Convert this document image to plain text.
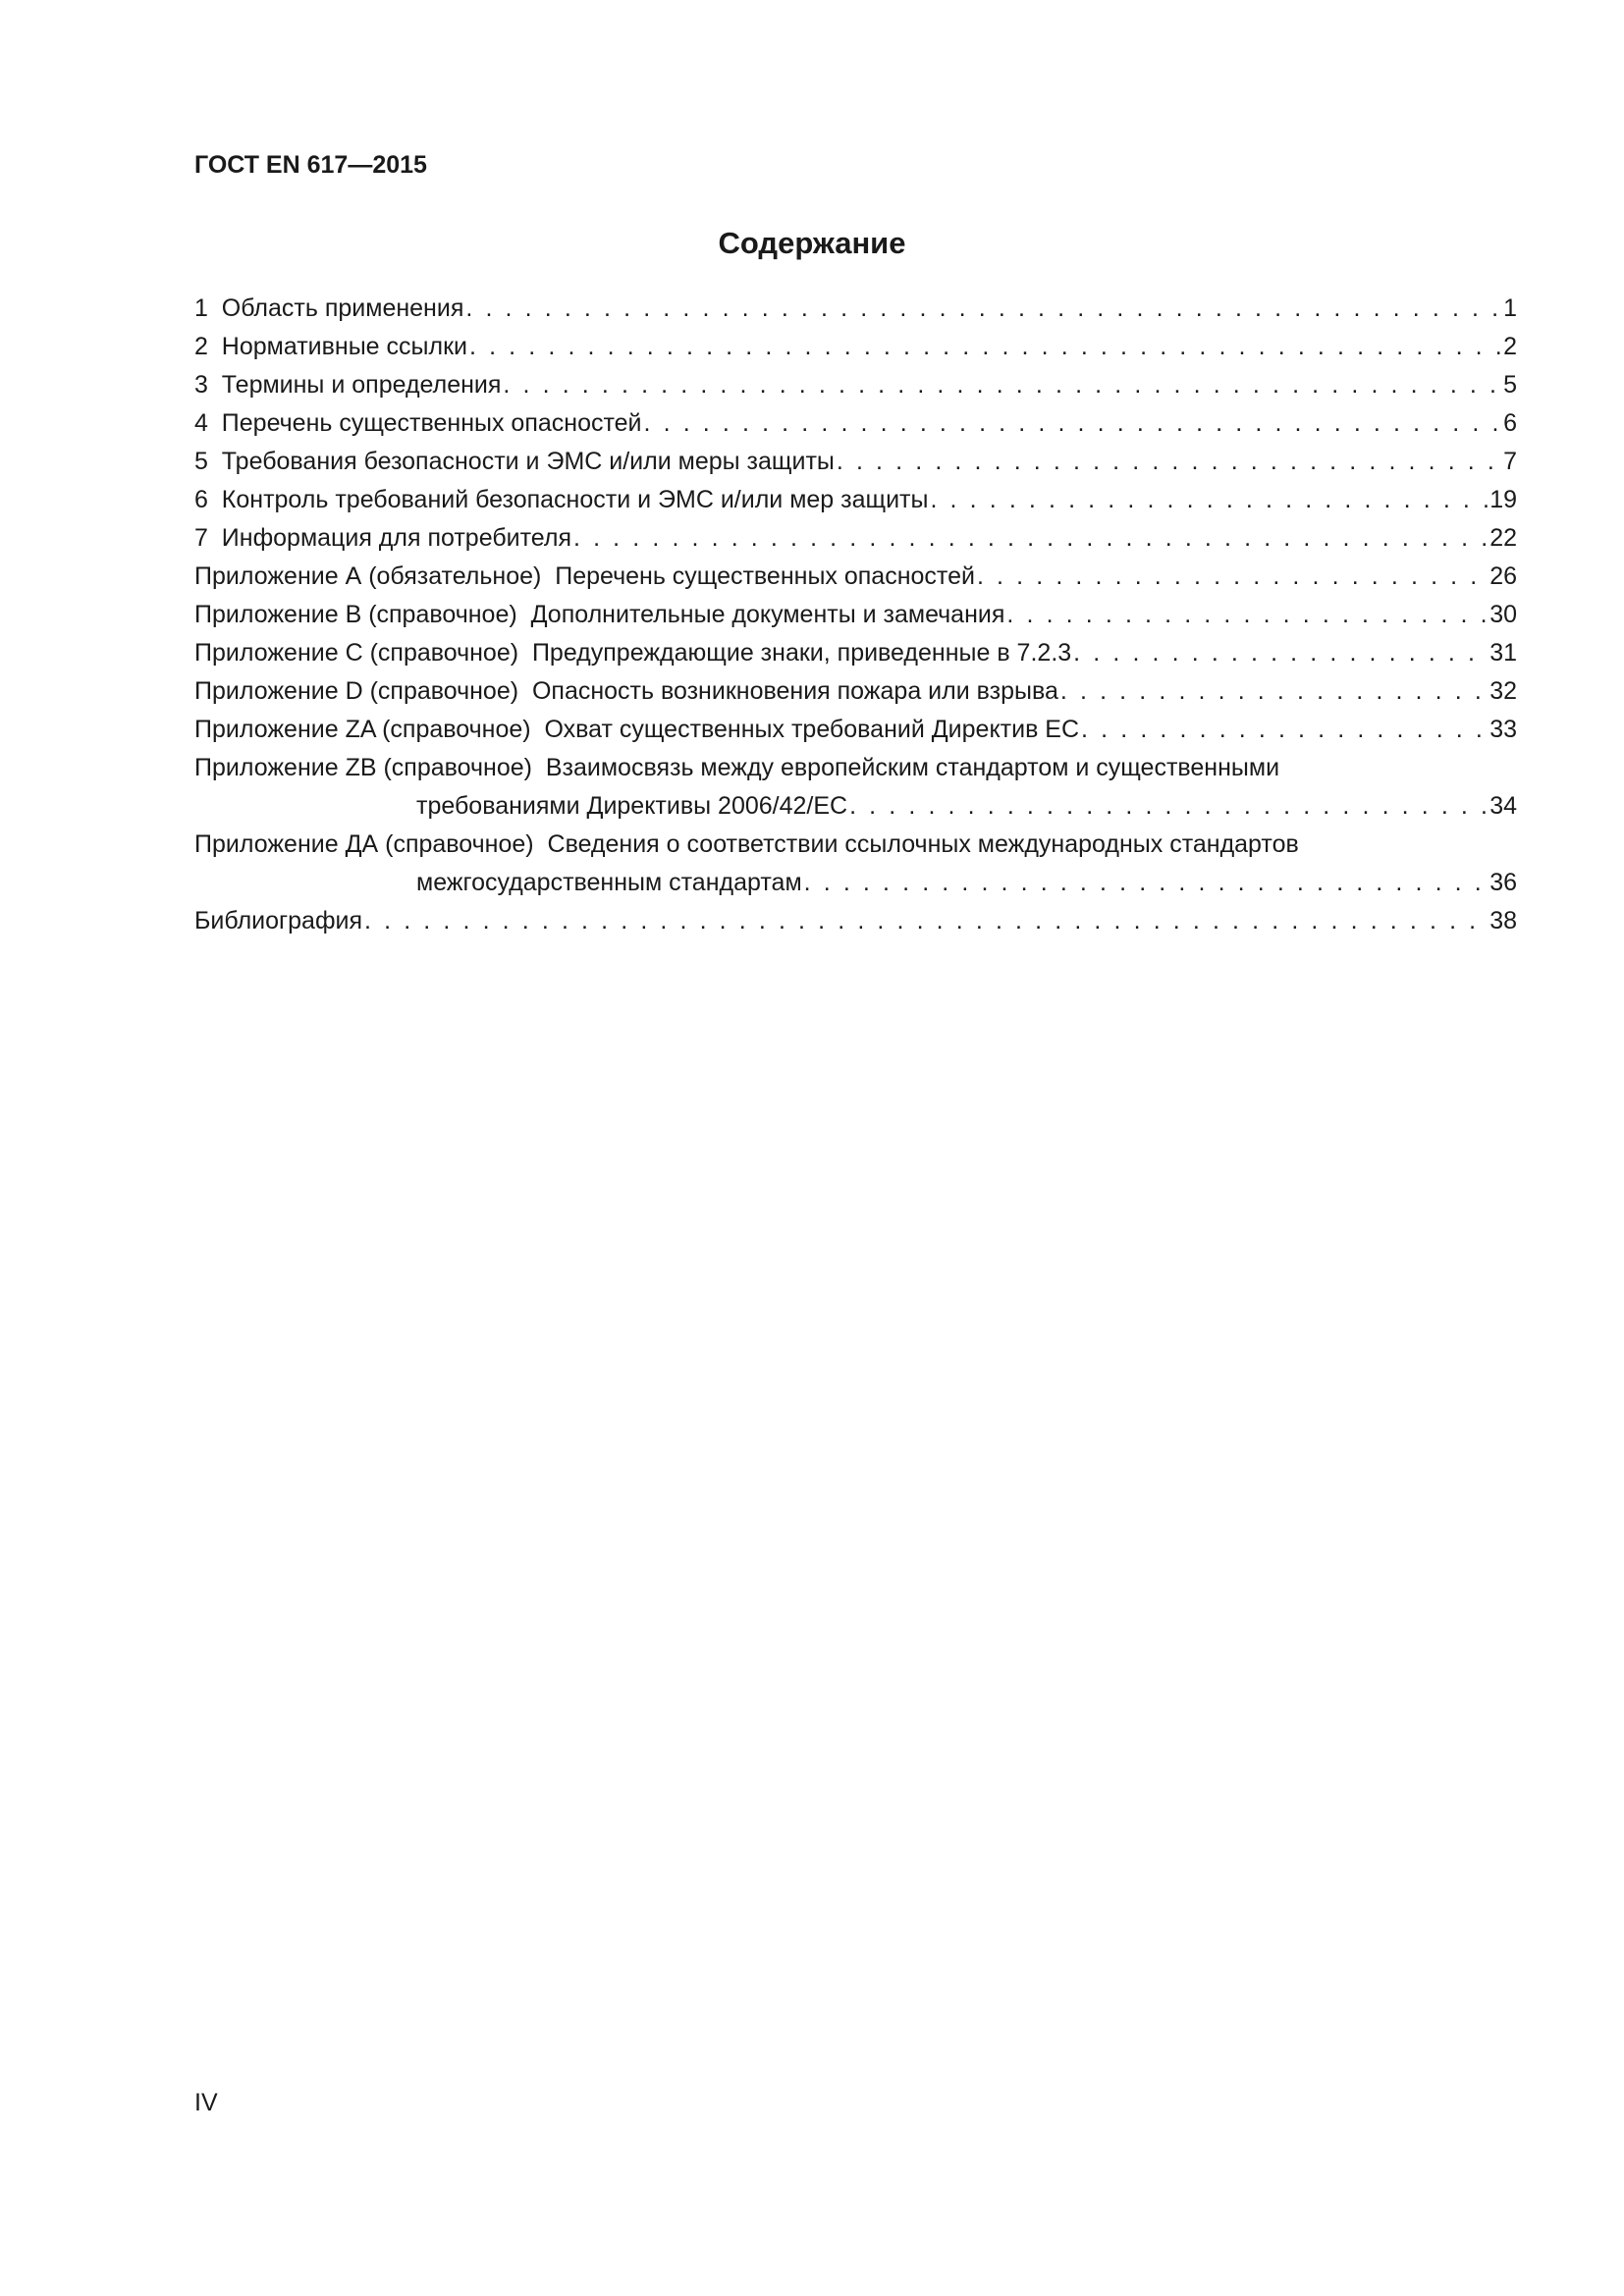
ГОСТ EN 617—2015
Содержание
1  Область применения . . .	1
2  Нормативные ссылки . . .	2
3  Термины и определения . . .	5
4  Перечень существенных опасностей . . .	6
5  Требования безопасности и ЭМС и/или меры защиты . . .	7
6  Контроль требований безопасности и ЭМС и/или мер защиты . . .	19
7  Информация для потребителя . . .	22
Приложение А (обязательное)  Перечень существенных опасностей . . .	26
Приложение В (справочное)  Дополнительные документы и замечания . . .	30
Приложение С (справочное)  Предупреждающие знаки, приведенные в 7.2.3 . . .	31
Приложение D (справочное)  Опасность возникновения пожара или взрыва . . .	32
Приложение ZA (справочное)  Охват существенных требований Директив ЕС . . .	33
Приложение ZB (справочное)  Взаимосвязь между европейским стандартом и существенными
требованиями Директивы 2006/42/ЕС . . .	34
Приложение ДА (справочное)  Сведения о соответствии ссылочных международных стандартов
межгосударственным стандартам . . .	36
Библиография . . .	38
IV
